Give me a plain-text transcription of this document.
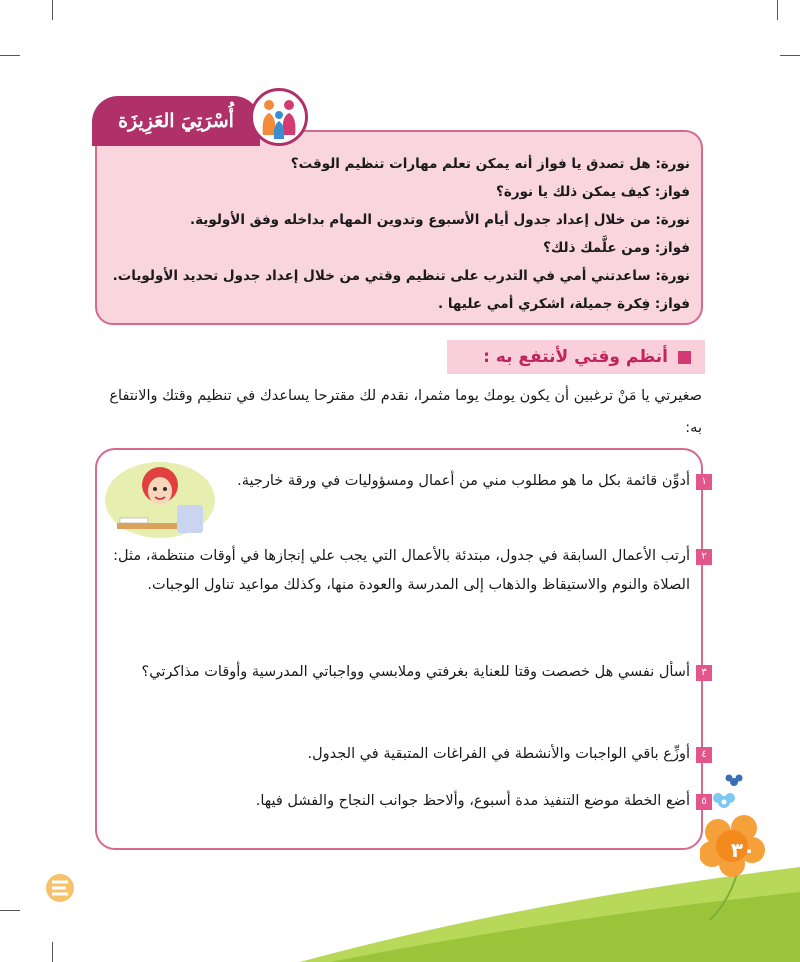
أُسْرَتِيَ العَزِيزَة
نورة: هل تصدق يا فواز أنه يمكن تعلم مهارات تنظيم الوقت؟
فواز: كيف يمكن ذلك يا نورة؟
نورة: من خلال إعداد جدول أيام الأسبوع وتدوين المهام بداخله وفق الأولوية.
فواز: ومن علَّمك ذلك؟
نورة: ساعدتني أمي في التدرب على تنظيم وقتي من خلال إعداد جدول تحديد الأولويات.
فواز: فِكرة جميلة، اشكري أمي عليها .
أنظم وقتي لأنتفع به :
صغيرتي يا مَنْ ترغبين أن يكون يومك يوما مثمرا، نقدم لك مقترحا يساعدك في تنظيم وقتك والانتفاع به:
١
أدوِّن قائمة بكل ما هو مطلوب مني من أعمال ومسؤوليات في ورقة خارجية.
٢
أرتب الأعمال السابقة في جدول، مبتدئة بالأعمال التي يجب علي إنجازها في أوقات منتظمة، مثل: الصلاة والنوم والاستيقاظ والذهاب إلى المدرسة والعودة منها، وكذلك مواعيد تناول الوجبات.
٣
أسأل نفسي هل خصصت وقتا للعناية بغرفتي وملابسي وواجباتي المدرسية وأوقات مذاكرتي؟
٤
أوزِّع باقي الواجبات والأنشطة في الفراغات المتبقية في الجدول.
٥
أضع الخطة موضع التنفيذ مدة أسبوع، وألاحظ جوانب النجاح والفشل فيها.
٣٠
